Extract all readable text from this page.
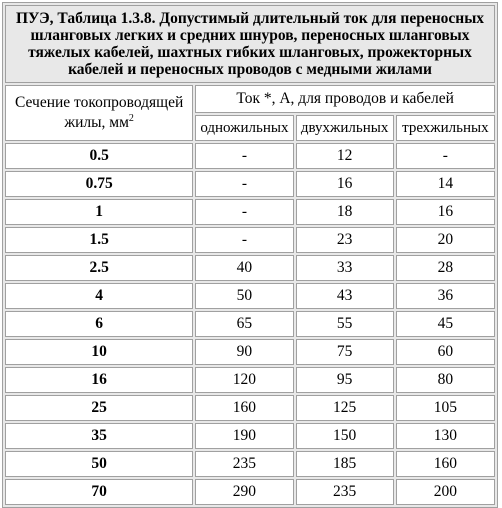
ПУЭ, Таблица 1.3.8. Допустимый длительный ток для переносных
шланговых легких и средних шнуров, переносных шланговых
тяжелых кабелей, шахтных гибких шланговых, прожекторных
кабелей и переносных проводов с медными жилами			

Сечение токопроводящей
жилы, $мм^2$	Ток *, А, для проводов и кабелей		
	одножильных	двухжильных	трехжильных
0.5	-	12	-
0.75	-	16	14
1	-	18	16
1.5	-	23	20
2.5	40	33	28
4	50	43	36
6	65	55	45
10	90	75	60
16	120	95	80
25	160	125	105
35	190	150	130
50	235	185	160
70	290	235	200
